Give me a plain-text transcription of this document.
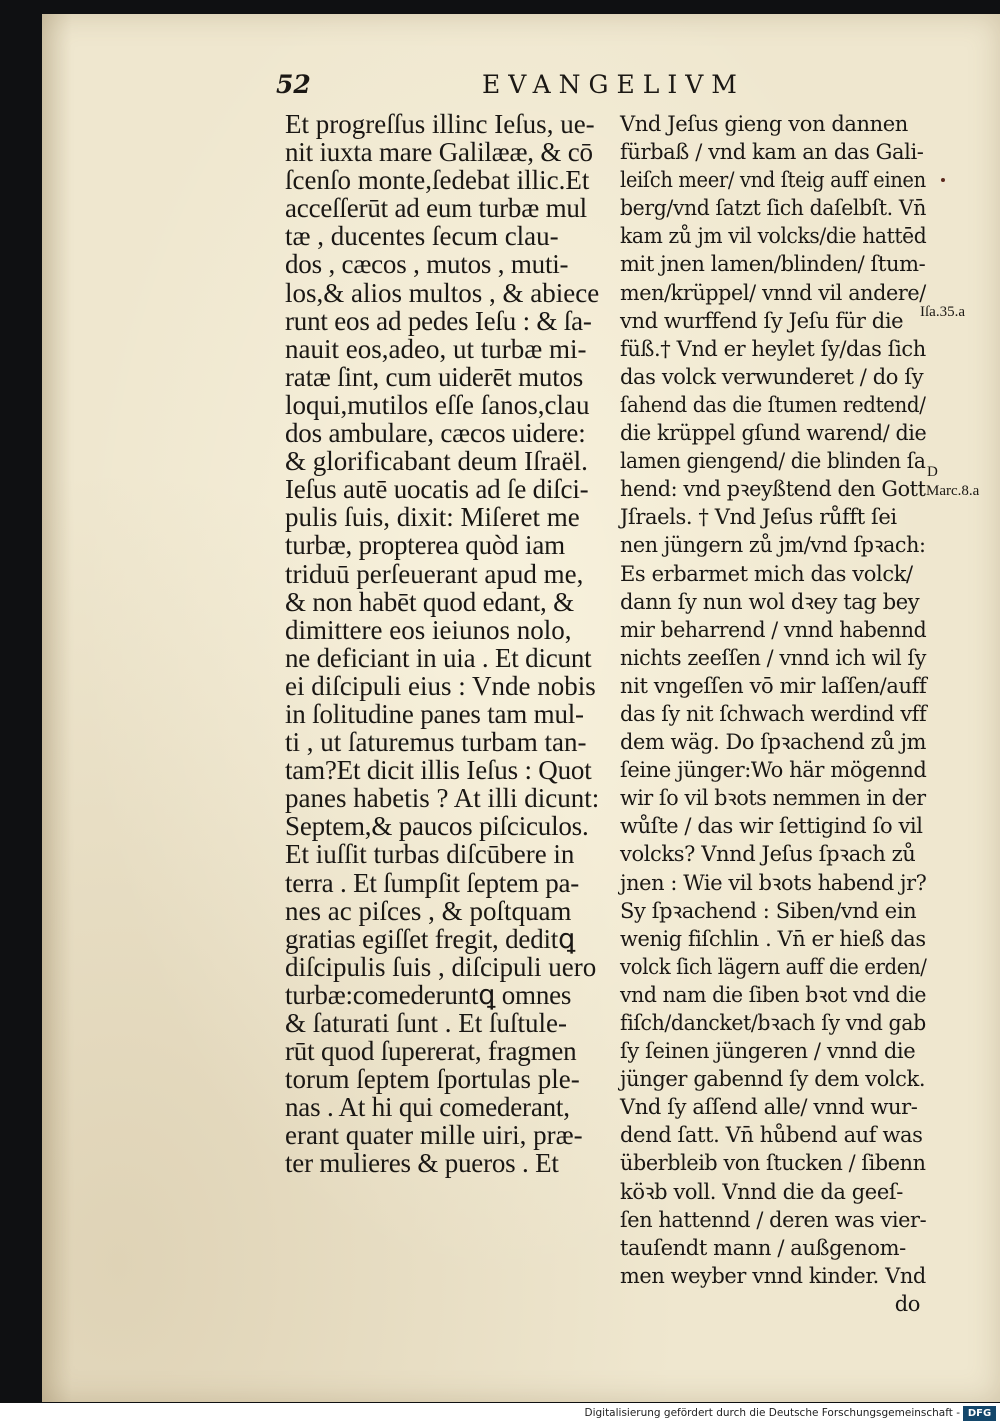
52	EVANGELIVM
Et progreſſus illinc Ieſus, ue-
nit iuxta mare Galilææ, & cō
ſcenſo monte,ſedebat illic.Et
acceſſerūt ad eum turbæ mul
tæ , ducentes ſecum clau-
dos , cæcos , mutos , muti-
los,& alios multos , & abiece
runt eos ad pedes Ieſu : & ſa-
nauit eos,adeo, ut turbæ mi-
ratæ ſint, cum uiderēt mutos
loqui,mutilos eſſe ſanos,clau
dos ambulare, cæcos uidere:
& glorificabant deum Iſraël.
Ieſus autē uocatis ad ſe diſci-
pulis ſuis, dixit: Miſeret me
turbæ, propterea quòd iam
triduū perſeuerant apud me,
& non habēt quod edant, &
dimittere eos ieiunos nolo,
ne deficiant in uia . Et dicunt
ei diſcipuli eius : Vnde nobis
in ſolitudine panes tam mul-
ti , ut ſaturemus turbam tan-
tam?Et dicit illis Ieſus : Quot
panes habetis ? At illi dicunt:
Septem,& paucos piſciculos.
Et iuſſit turbas diſcūbere in
terra . Et ſumpſit ſeptem pa-
nes ac piſces , & poſtquam
gratias egiſſet fregit, deditꝗ
diſcipulis ſuis , diſcipuli uero
turbæ:comederuntꝗ omnes
& ſaturati ſunt . Et ſuſtule-
rūt quod ſupererat, fragmen
torum ſeptem ſportulas ple-
nas . At hi qui comederant,
erant quater mille uiri, præ-
ter mulieres & pueros . Et
Vnd Jeſus gieng von dannen
fürbaß / vnd kam an das Gali-
leiſch meer/ vnd ſteig auff einen
berg/vnd ſatzt ſich daſelbſt. Vn̄
kam zů jm vil volcks/die hattēd
mit jnen lamen/blinden/ ſtum-
men/krüppel/ vnnd vil andere/
vnd wurffend ſy Jeſu für die
füß.† Vnd er heylet ſy/das ſich
das volck verwunderet / do ſy
ſahend das die ſtumen redtend/
die krüppel gſund warend/ die
lamen giengend/ die blinden ſa
hend: vnd pꝛeyßtend den Gott
Jſraels. † Vnd Jeſus růfft ſei
nen jüngern zů jm/vnd ſpꝛach:
Es erbarmet mich das volck/
dann ſy nun wol dꝛey tag bey
mir beharrend / vnnd habennd
nichts zeeſſen / vnnd ich wil ſy
nit vngeſſen vō mir laſſen/auff
das ſy nit ſchwach werdind vff
dem wäg. Do ſpꝛachend zů jm
ſeine jünger:Wo här mögennd
wir ſo vil bꝛots nemmen in der
wůſte / das wir ſettigind ſo vil
volcks? Vnnd Jeſus ſpꝛach zů
jnen : Wie vil bꝛots habend jr?
Sy ſpꝛachend : Siben/vnd ein
wenig fiſchlin . Vn̄ er hieß das
volck ſich lägern auff die erden/
vnd nam die ſiben bꝛot vnd die
fiſch/dancket/bꝛach ſy vnd gab
ſy ſeinen jüngeren / vnnd die
jünger gabennd ſy dem volck.
Vnd ſy aſſend alle/ vnnd wur-
dend ſatt. Vn̄ hůbend auf was
überbleib von ſtucken / ſibenn
köꝛb voll. Vnnd die da geeſ-
ſen hattennd / deren was vier-
tauſendt mann / außgenom-
men weyber vnnd kinder. Vnd
do
Iſa.35.a
D
Marc.8.a
Digitalisierung gefördert durch die Deutsche Forschungsgemeinschaft - DFG
